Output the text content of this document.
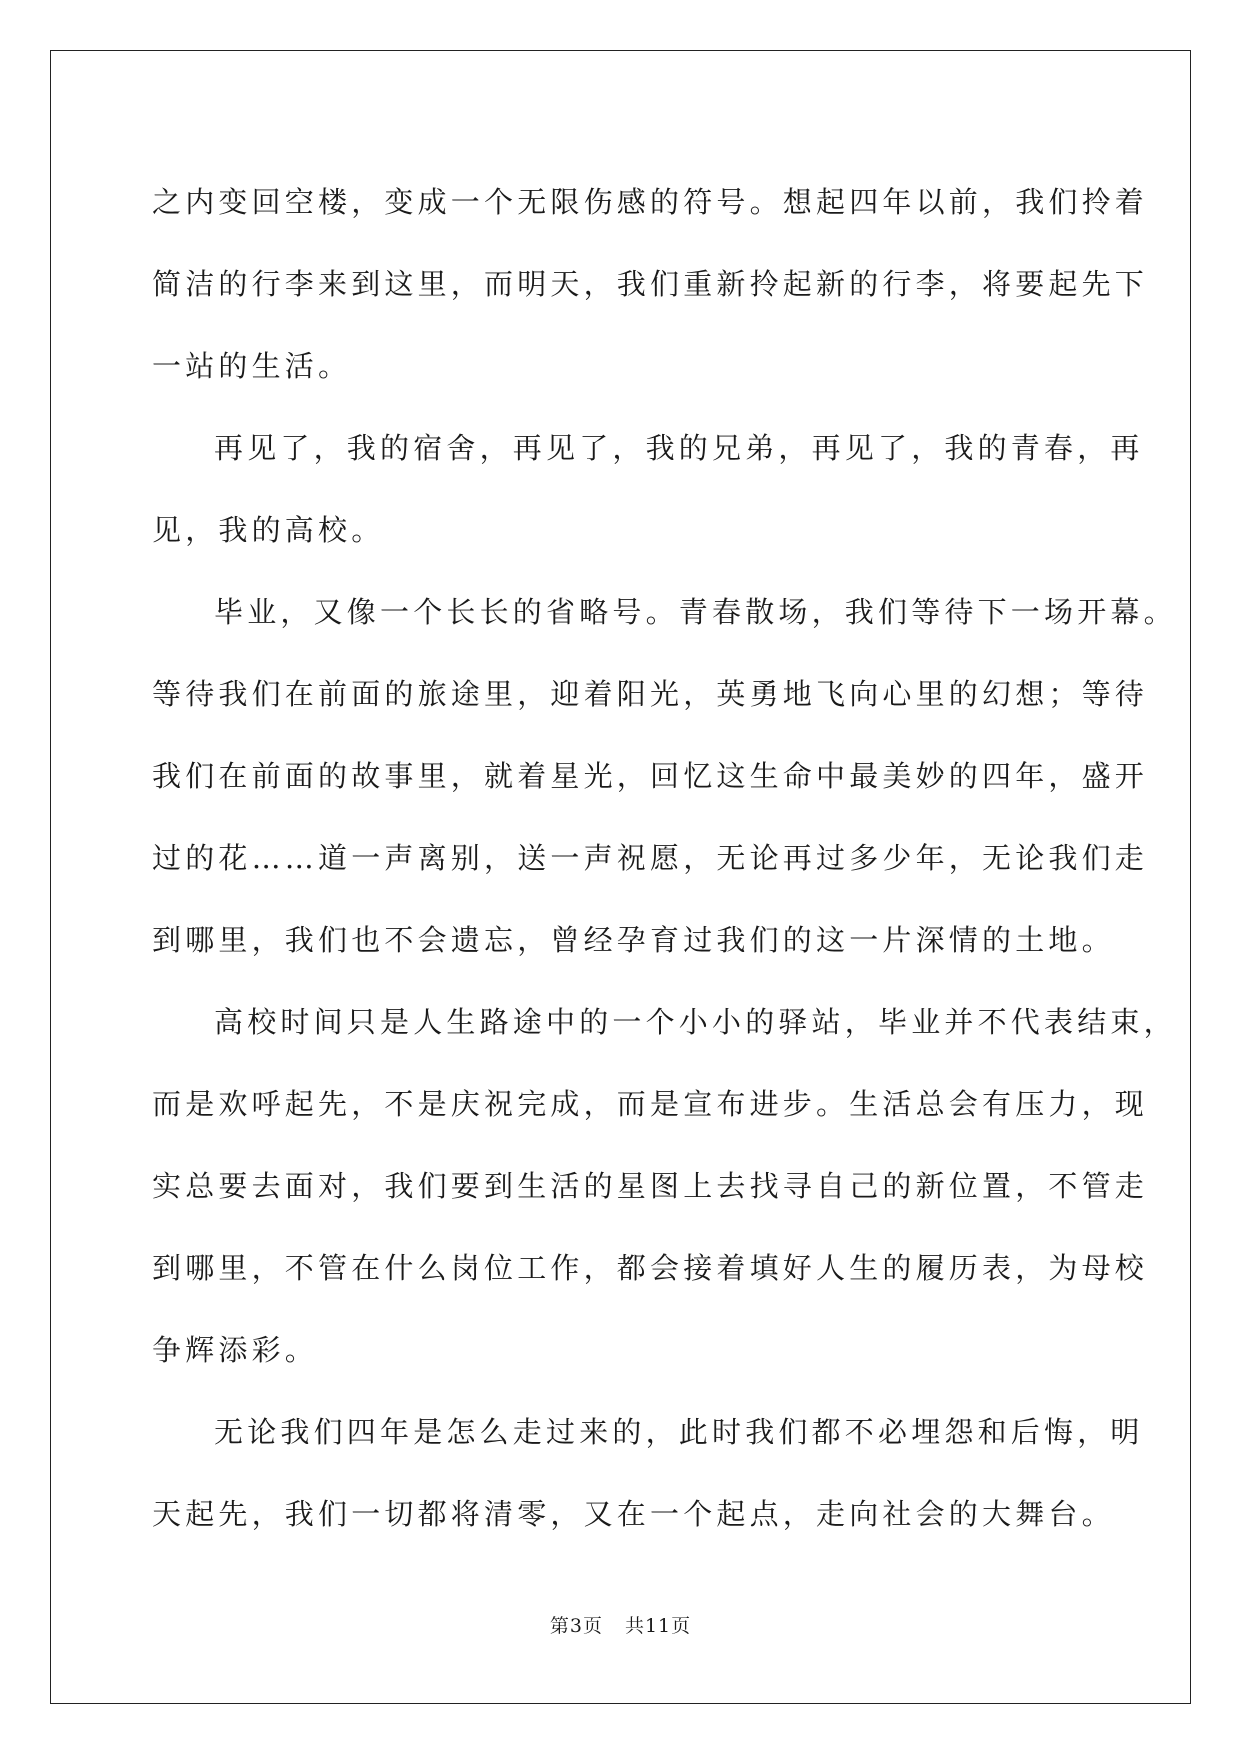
之内变回空楼，变成一个无限伤感的符号。想起四年以前，我们拎着
简洁的行李来到这里，而明天，我们重新拎起新的行李，将要起先下
一站的生活。
再见了，我的宿舍，再见了，我的兄弟，再见了，我的青春，再
见，我的高校。
毕业，又像一个长长的省略号。青春散场，我们等待下一场开幕。
等待我们在前面的旅途里，迎着阳光，英勇地飞向心里的幻想；等待
我们在前面的故事里，就着星光，回忆这生命中最美妙的四年，盛开
过的花……道一声离别，送一声祝愿，无论再过多少年，无论我们走
到哪里，我们也不会遗忘，曾经孕育过我们的这一片深情的土地。
高校时间只是人生路途中的一个小小的驿站，毕业并不代表结束，
而是欢呼起先，不是庆祝完成，而是宣布进步。生活总会有压力，现
实总要去面对，我们要到生活的星图上去找寻自己的新位置，不管走
到哪里，不管在什么岗位工作，都会接着填好人生的履历表，为母校
争辉添彩。
无论我们四年是怎么走过来的，此时我们都不必埋怨和后悔，明
天起先，我们一切都将清零，又在一个起点，走向社会的大舞台。
第3页 共11页
